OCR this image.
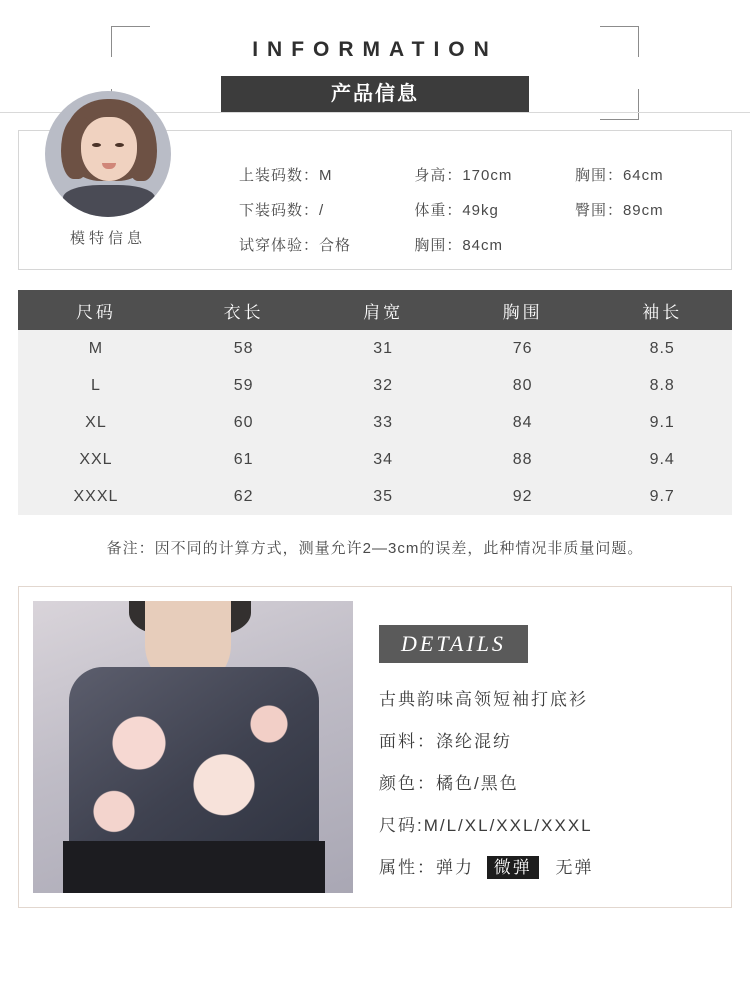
INFORMATION
产品信息
模特信息
上装码数：M	身高：170cm	胸围：64cm
下装码数：/	体重：49kg	臀围：89cm
试穿体验：合格	胸围：84cm	
尺码	衣长	肩宽	胸围	袖长
M	58	31	76	8.5
L	59	32	80	8.8
XL	60	33	84	9.1
XXL	61	34	88	9.4
XXXL	62	35	92	9.7
备注：因不同的计算方式，测量允许2—3cm的误差，此种情况非质量问题。
DETAILS
古典韵味高领短袖打底衫
面料：涤纶混纺
颜色：橘色/黑色
尺码:M/L/XL/XXL/XXXL
属性：弹力 微弹 无弹
